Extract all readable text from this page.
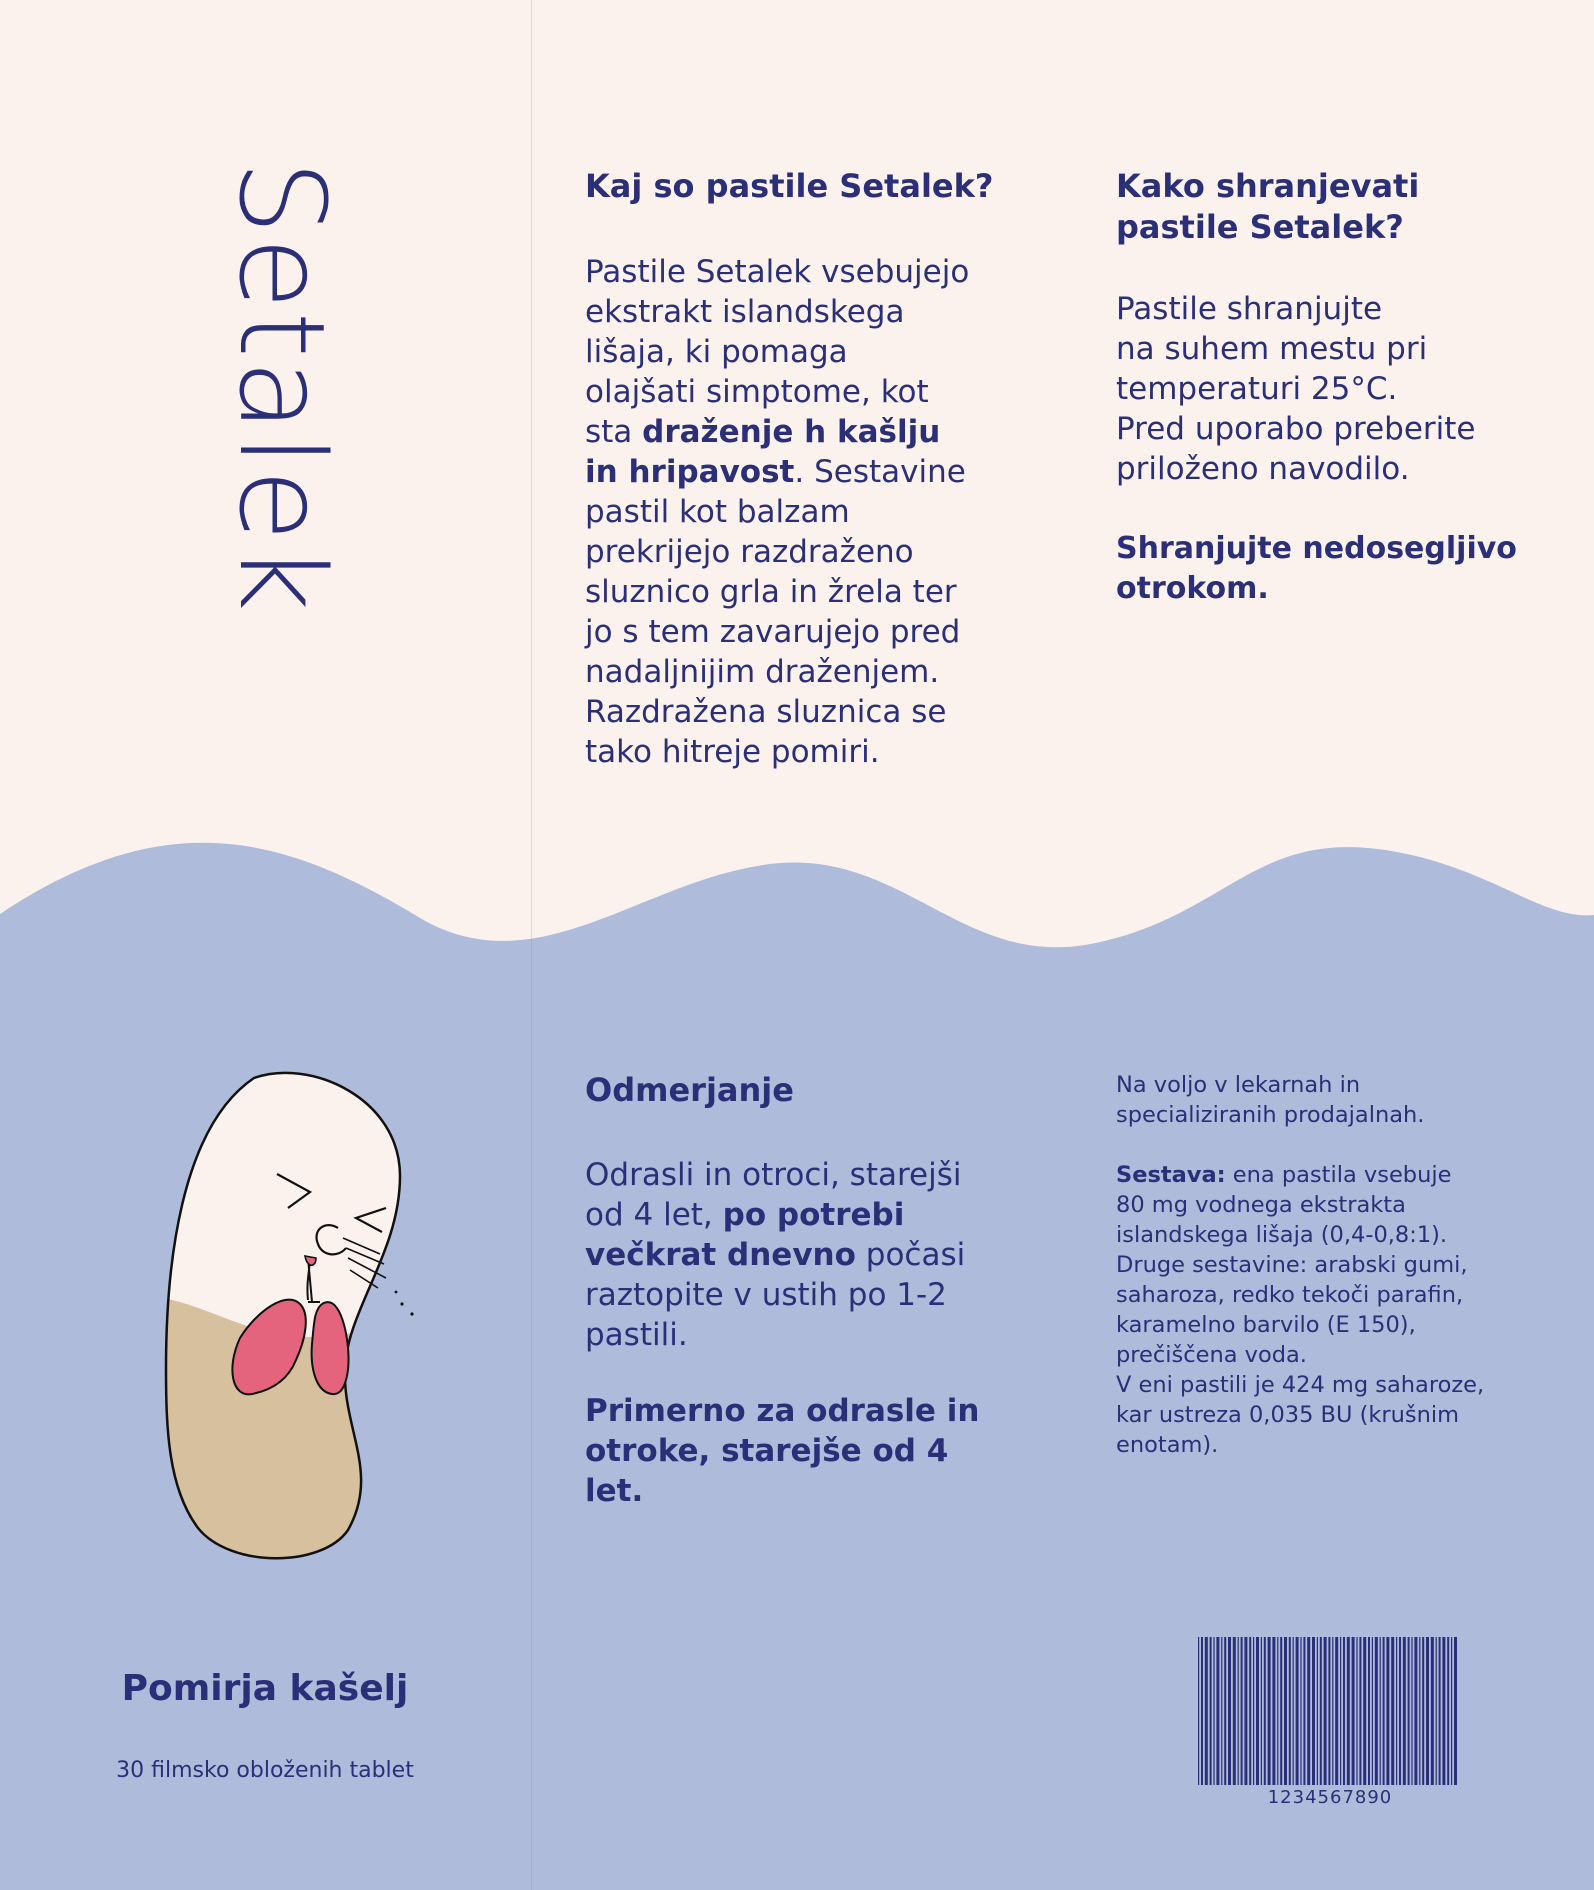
Setalek	Kaj so pastile Setalek?
Pastile Setalek vsebujejo
ekstrakt islandskega
lišaja, ki pomaga
olajšati simptome, kot
sta draženje h kašlju
in hripavost. Sestavine
pastil kot balzam
prekrijejo razdraženo
sluznico grla in žrela ter
jo s tem zavarujejo pred
nadaljnijim draženjem.
Razdražena sluznica se
tako hitreje pomiri.
Kako shranjevati
pastile Setalek?
Pastile shranjujte
na suhem mestu pri
temperaturi 25°C.
Pred uporabo preberite
priloženo navodilo.
Shranjujte nedosegljivo
otrokom.
Pomirja kašelj
30 filmsko obloženih tablet
Odmerjanje
Odrasli in otroci, starejši
od 4 let, po potrebi
večkrat dnevno počasi
raztopite v ustih po 1-2
pastili.
Primerno za odrasle in
otroke, starejše od 4 let.
Na voljo v lekarnah in
specializiranih prodajalnah.
Sestava: ena pastila vsebuje
80 mg vodnega ekstrakta
islandskega lišaja (0,4-0,8:1).
Druge sestavine: arabski gumi,
saharoza, redko tekoči parafin,
karamelno barvilo (E 150),
prečiščena voda.
V eni pastili je 424 mg saharoze,
kar ustreza 0,035 BU (krušnim
enotam).
1234567890
